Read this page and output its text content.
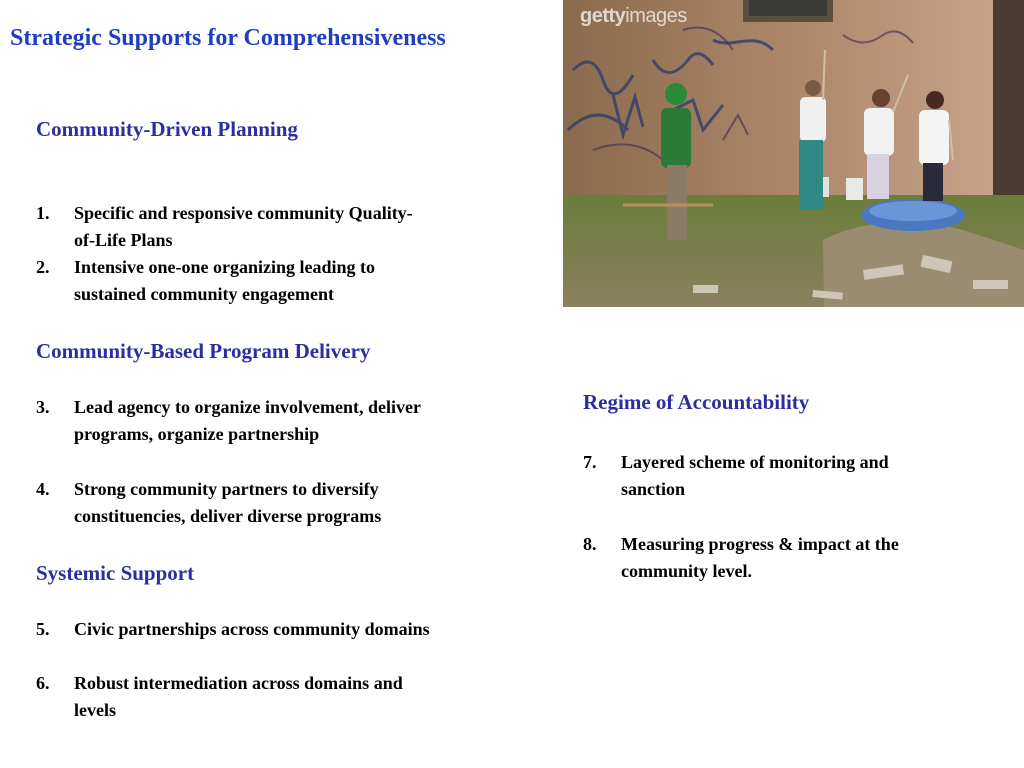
Strategic Supports for Comprehensiveness
gettyimages
Community-Driven Planning
1. Specific and responsive community Quality-
of-Life Plans
2. Intensive one-one organizing leading to
sustained community engagement
Community-Based Program Delivery
3. Lead agency to organize involvement, deliver
programs, organize partnership
4. Strong community partners to diversify
constituencies, deliver diverse programs
Systemic Support
5. Civic partnerships across community domains
6. Robust intermediation across domains and
levels
Regime of Accountability
7. Layered scheme of monitoring and
sanction
8. Measuring progress & impact at the
community level.
